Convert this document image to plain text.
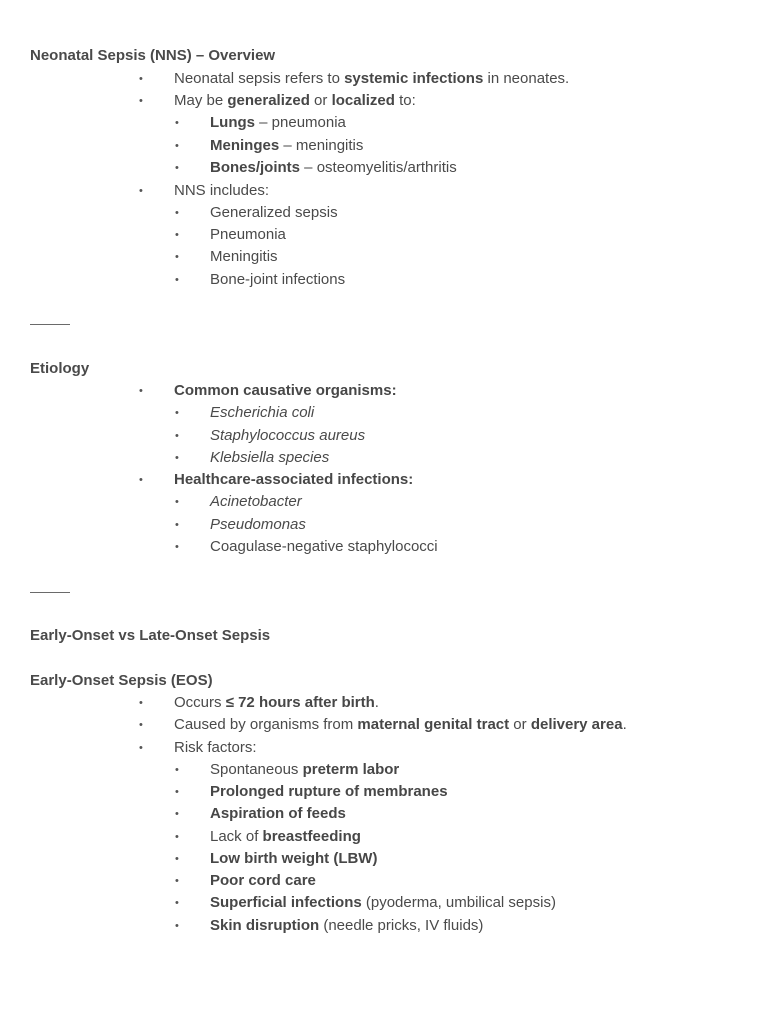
Neonatal Sepsis (NNS) – Overview
• Neonatal sepsis refers to systemic infections in neonates.
• May be generalized or localized to:
• Lungs – pneumonia
• Meninges – meningitis
• Bones/joints – osteomyelitis/arthritis
• NNS includes:
• Generalized sepsis
• Pneumonia
• Meningitis
• Bone-joint infections
Etiology
• Common causative organisms:
• Escherichia coli
• Staphylococcus aureus
• Klebsiella species
• Healthcare-associated infections:
• Acinetobacter
• Pseudomonas
• Coagulase-negative staphylococci
Early-Onset vs Late-Onset Sepsis
Early-Onset Sepsis (EOS)
• Occurs ≤ 72 hours after birth.
• Caused by organisms from maternal genital tract or delivery area.
• Risk factors:
• Spontaneous preterm labor
• Prolonged rupture of membranes
• Aspiration of feeds
• Lack of breastfeeding
• Low birth weight (LBW)
• Poor cord care
• Superficial infections (pyoderma, umbilical sepsis)
• Skin disruption (needle pricks, IV fluids)
